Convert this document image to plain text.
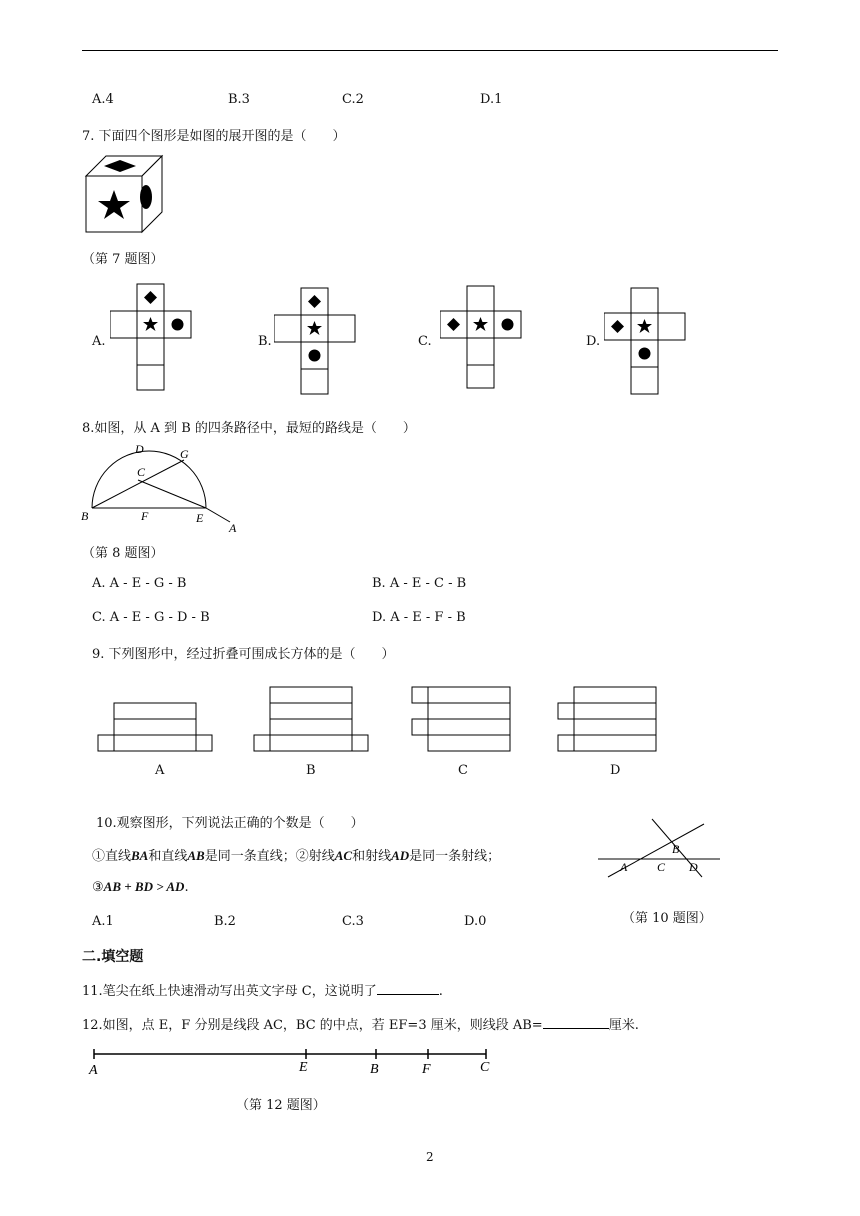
A.4	B.3	C.2	D.1
7. 下面四个图形是如图的展开图的是（　　）
（第 7 题图）
A.	B.	C.	D.
8.如图，从 A 到 B 的四条路径中，最短的路线是（　　）
D	G
C
B	F	E
A
（第 8 题图）
A. A - E - G - B	B. A - E - C - B
C. A - E - G - D - B	D. A - E - F - B
9. 下列图形中，经过折叠可围成长方体的是（　　）
A	B	C	D
10.观察图形，下列说法正确的个数是（　　）
①直线BA和直线AB是同一条直线；②射线AC和射线AD是同一条射线；
③AB + BD > AD.
A.1	B.2	C.3	D.0
B
A C D
（第 10 题图）
二.填空题
11.笔尖在纸上快速滑动写出英文字母 C，这说明了	.
12.如图，点 E，F 分别是线段 AC，BC 的中点，若 EF=3 厘米，则线段 AB=	厘米.
A	E	B	F	C
（第 12 题图）
2
